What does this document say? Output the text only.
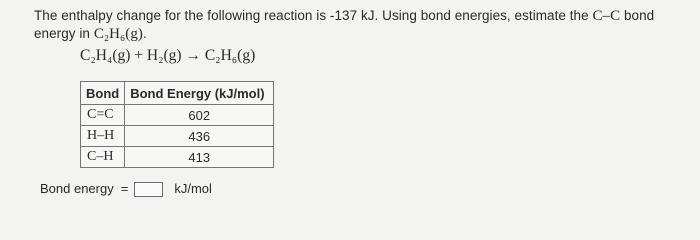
The enthalpy change for the following reaction is -137 kJ. Using bond energies, estimate the C–C bond energy in C₂H₆(g).
C₂H₄(g) + H₂(g) → C₂H₆(g)
Bond	Bond Energy (kJ/mol)
C=C	602
H–H	436
C–H	413
Bond energy =	kJ/mol
